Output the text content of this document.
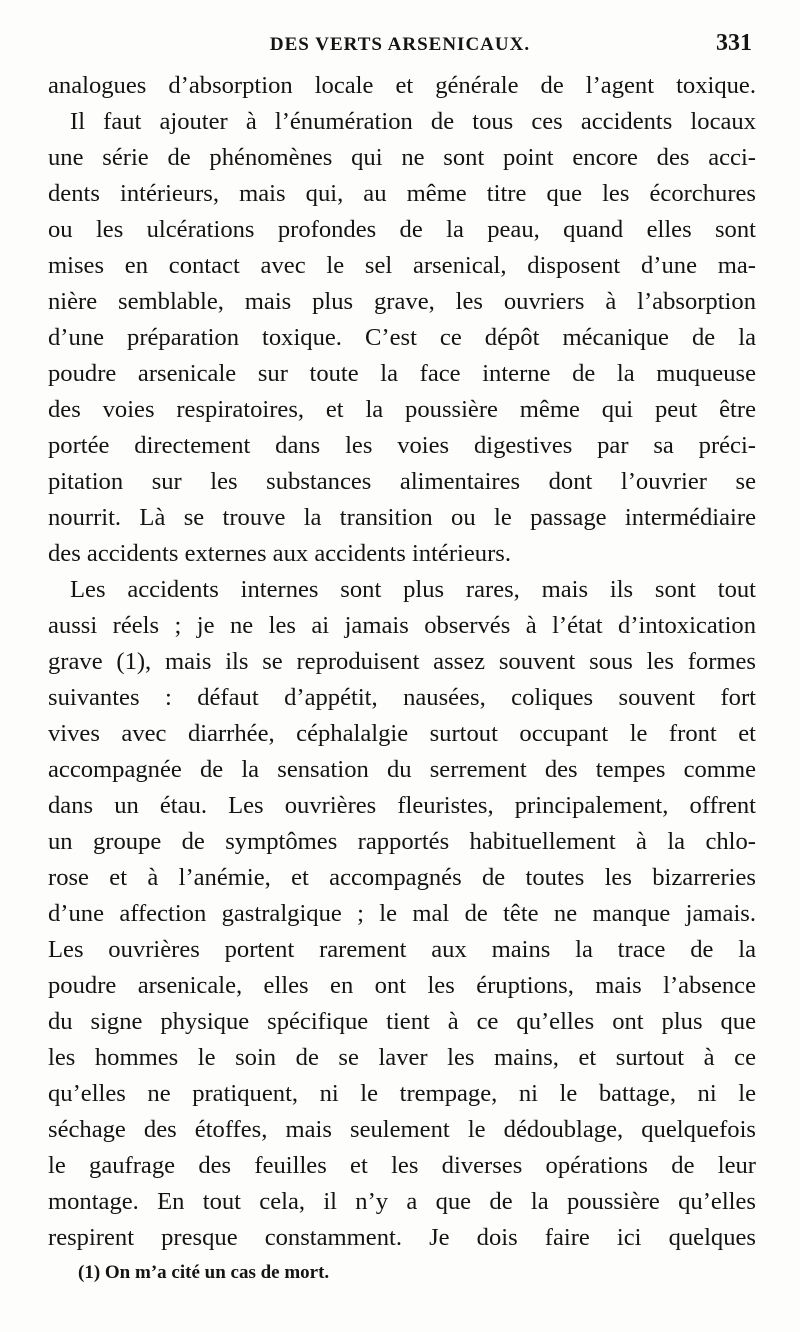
DES VERTS ARSENICAUX.	331
analogues d’absorption locale et générale de l’agent toxique.
Il faut ajouter à l’énumération de tous ces accidents locaux
une série de phénomènes qui ne sont point encore des acci-
dents intérieurs, mais qui, au même titre que les écorchures
ou les ulcérations profondes de la peau, quand elles sont
mises en contact avec le sel arsenical, disposent d’une ma-
nière semblable, mais plus grave, les ouvriers à l’absorption
d’une préparation toxique. C’est ce dépôt mécanique de la
poudre arsenicale sur toute la face interne de la muqueuse
des voies respiratoires, et la poussière même qui peut être
portée directement dans les voies digestives par sa préci-
pitation sur les substances alimentaires dont l’ouvrier se
nourrit. Là se trouve la transition ou le passage intermédiaire
des accidents externes aux accidents intérieurs.
Les accidents internes sont plus rares, mais ils sont tout
aussi réels ; je ne les ai jamais observés à l’état d’intoxication
grave (1), mais ils se reproduisent assez souvent sous les formes
suivantes : défaut d’appétit, nausées, coliques souvent fort
vives avec diarrhée, céphalalgie surtout occupant le front et
accompagnée de la sensation du serrement des tempes comme
dans un étau. Les ouvrières fleuristes, principalement, offrent
un groupe de symptômes rapportés habituellement à la chlo-
rose et à l’anémie, et accompagnés de toutes les bizarreries
d’une affection gastralgique ; le mal de tête ne manque jamais.
Les ouvrières portent rarement aux mains la trace de la
poudre arsenicale, elles en ont les éruptions, mais l’absence
du signe physique spécifique tient à ce qu’elles ont plus que
les hommes le soin de se laver les mains, et surtout à ce
qu’elles ne pratiquent, ni le trempage, ni le battage, ni le
séchage des étoffes, mais seulement le dédoublage, quelquefois
le gaufrage des feuilles et les diverses opérations de leur
montage. En tout cela, il n’y a que de la poussière qu’elles
respirent presque constamment. Je dois faire ici quelques
(1) On m’a cité un cas de mort.
